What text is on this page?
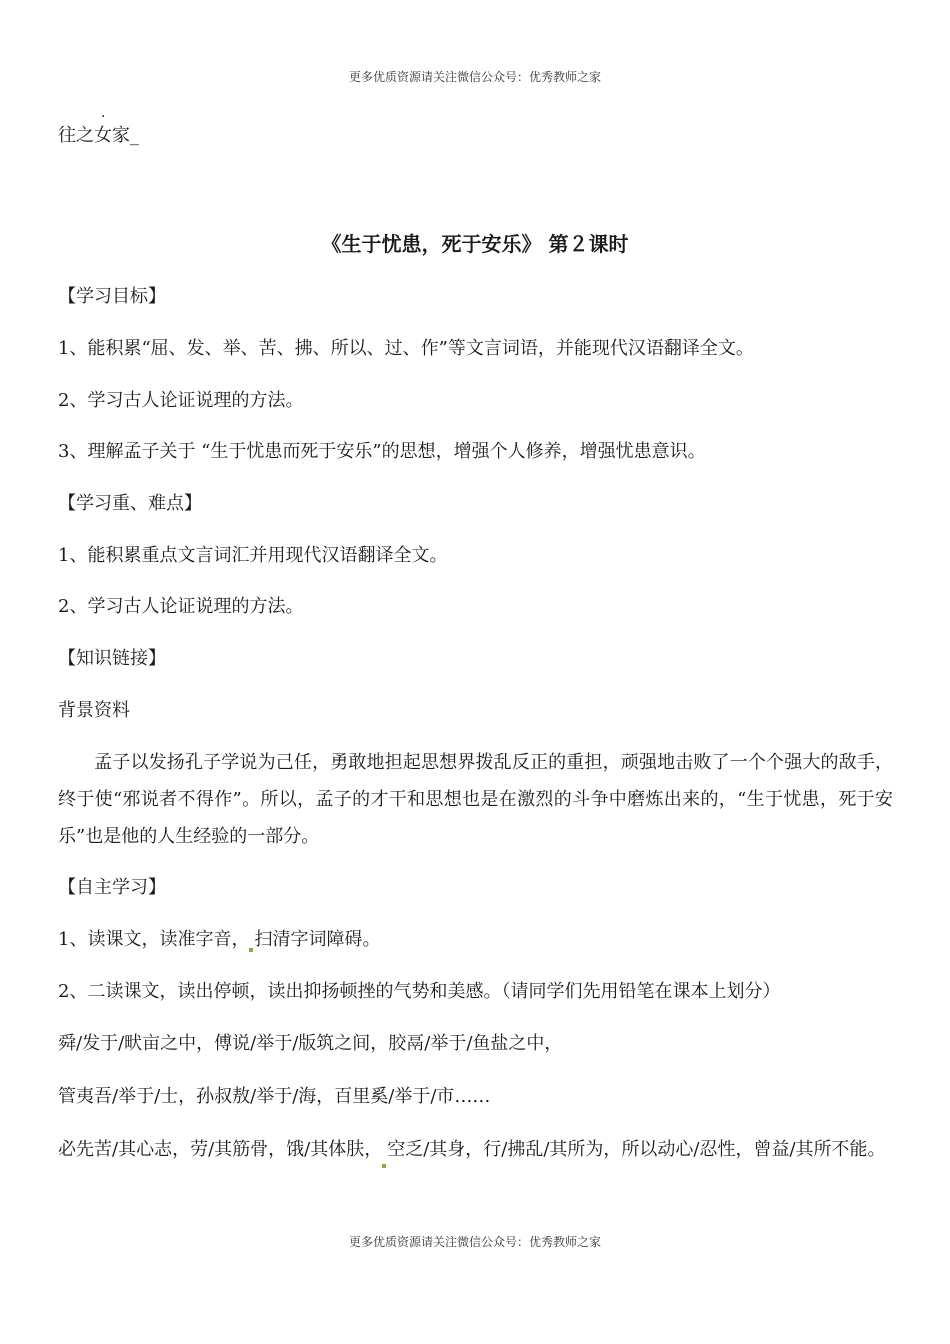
更多优质资源请关注微信公众号：优秀教师之家
·
往之女家_
《生于忧患，死于安乐》 第２课时
【学习目标】
1、能积累“屈、发、举、苦、拂、所以、过、作”等文言词语，并能现代汉语翻译全文。
2、学习古人论证说理的方法。
3、理解孟子关于 “生于忧患而死于安乐”的思想，增强个人修养，增强忧患意识。
【学习重、难点】
1、能积累重点文言词汇并用现代汉语翻译全文。
2、学习古人论证说理的方法。
【知识链接】
背景资料
孟子以发扬孔子学说为己任，勇敢地担起思想界拨乱反正的重担，顽强地击败了一个个强大的敌手，终于使“邪说者不得作”。所以，孟子的才干和思想也是在激烈的斗争中磨炼出来的，“生于忧患，死于安乐”也是他的人生经验的一部分。
【自主学习】
1、读课文，读准字音， 扫清字词障碍。
2、二读课文，读出停顿，读出抑扬顿挫的气势和美感。（请同学们先用铅笔在课本上划分）
舜/发于/畎亩之中，傅说/举于/版筑之间，胶鬲/举于/鱼盐之中，
管夷吾/举于/士，孙叔敖/举于/海，百里奚/举于/市……
必先苦/其心志，劳/其筋骨，饿/其体肤， 空乏/其身，行/拂乱/其所为，所以动心/忍性，曾益/其所不能。
更多优质资源请关注微信公众号：优秀教师之家
